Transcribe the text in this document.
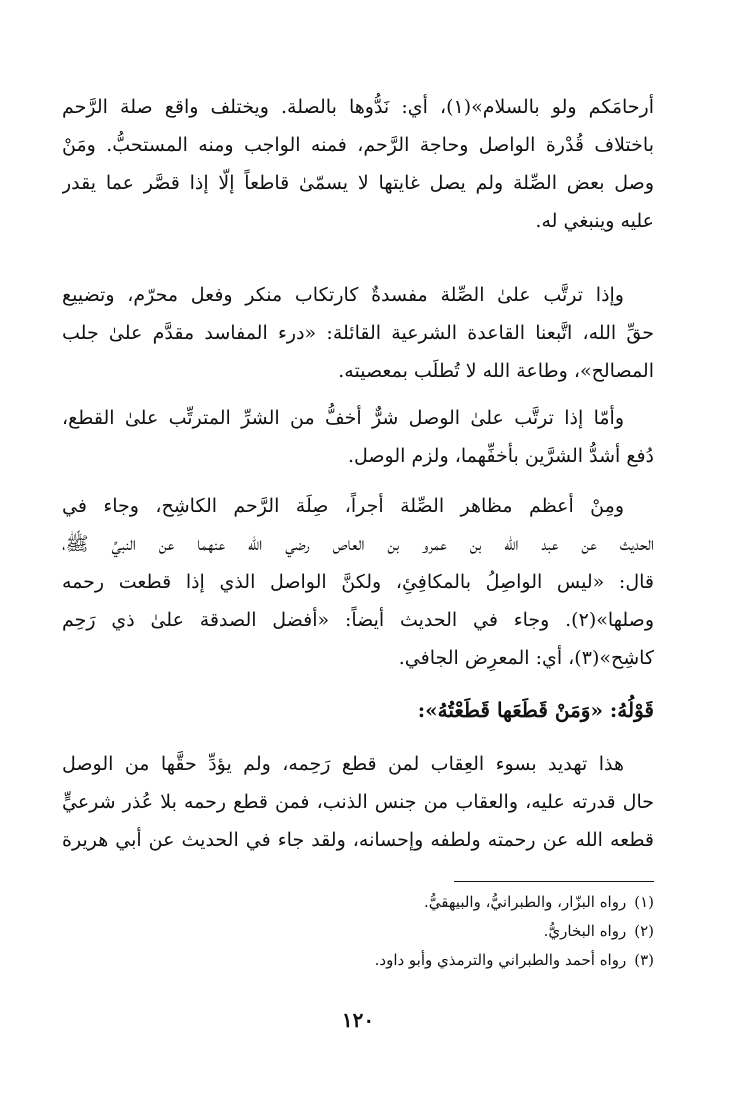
أرحامَكم ولو بالسلام»(١)، أي: نَدُّوها بالصلة. ويختلف واقع صلة الرَّحم
باختلاف قُدْرة الواصل وحاجة الرَّحم، فمنه الواجب ومنه المستحبُّ. ومَنْ
وصل بعض الصِّلة ولم يصل غايتها لا يسمّىٰ قاطعاً إلّا إذا قصَّر عما يقدر
عليه وينبغي له.
وإذا ترتَّب علىٰ الصِّلة مفسدةٌ كارتكاب منكر وفعل محرّم، وتضييع
حقِّ الله، اتَّبعنا القاعدة الشرعية القائلة: «درء المفاسد مقدَّم علىٰ جلب
المصالح»، وطاعة الله لا تُطلَب بمعصيته.
وأمّا إذا ترتَّب علىٰ الوصل شرٌّ أخفُّ من الشرِّ المترتِّب علىٰ القطع،
دُفع أشدُّ الشرَّين بأخفِّهما، ولزم الوصل.
ومِنْ أعظم مظاهر الصِّلة أجراً، صِلَة الرَّحم الكاشِح، وجاء في
الحديث عن عبد الله بن عمرو بن العاص رضي الله عنهما عن النبيِّ ﷺ،
قال: «ليس الواصِلُ بالمكافِئِ، ولكنَّ الواصل الذي إذا قطعت رحمه
وصلها»(٢). وجاء في الحديث أيضاً: «أفضل الصدقة علىٰ ذي رَحِم
كاشِح»(٣)، أي: المعرِض الجافي.
قَوْلُهُ: «وَمَنْ قَطَعَها قَطَعْتُهُ»:
هذا تهديد بسوء العِقاب لمن قطع رَحِمه، ولم يؤدِّ حقَّها من الوصل
حال قدرته عليه، والعقاب من جنس الذنب، فمن قطع رحمه بلا عُذر شرعيٍّ
قطعه الله عن رحمته ولطفه وإحسانه، ولقد جاء في الحديث عن أبي هريرة
(١)رواه البزّار، والطبرانيُّ، والبيهقيُّ.
(٢)رواه البخاريُّ.
(٣)رواه أحمد والطبراني والترمذي وأبو داود.
١٢٠
